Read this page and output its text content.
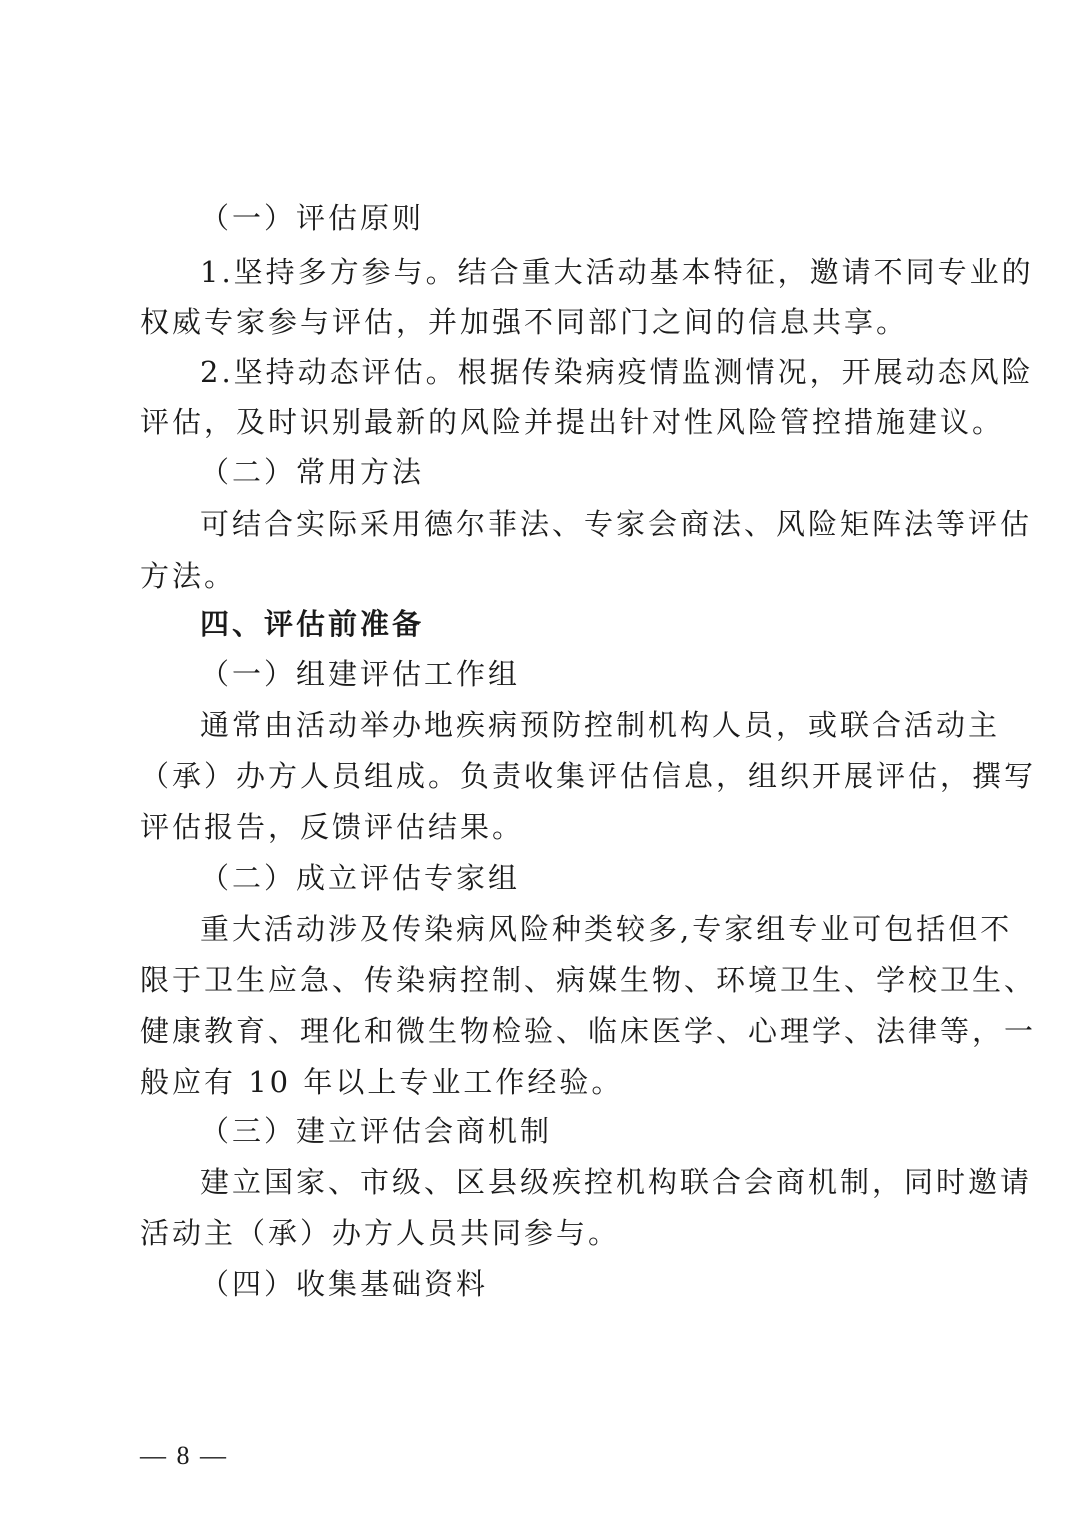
（一）评估原则
1.坚持多方参与。结合重大活动基本特征，邀请不同专业的
权威专家参与评估，并加强不同部门之间的信息共享。
2.坚持动态评估。根据传染病疫情监测情况，开展动态风险
评估，及时识别最新的风险并提出针对性风险管控措施建议。
（二）常用方法
可结合实际采用德尔菲法、专家会商法、风险矩阵法等评估
方法。
四、评估前准备
（一）组建评估工作组
通常由活动举办地疾病预防控制机构人员，或联合活动主
（承）办方人员组成。负责收集评估信息，组织开展评估，撰写
评估报告，反馈评估结果。
（二）成立评估专家组
重大活动涉及传染病风险种类较多,专家组专业可包括但不
限于卫生应急、传染病控制、病媒生物、环境卫生、学校卫生、
健康教育、理化和微生物检验、临床医学、心理学、法律等，一
般应有 10 年以上专业工作经验。
（三）建立评估会商机制
建立国家、市级、区县级疾控机构联合会商机制，同时邀请
活动主（承）办方人员共同参与。
（四）收集基础资料
— 8 —
